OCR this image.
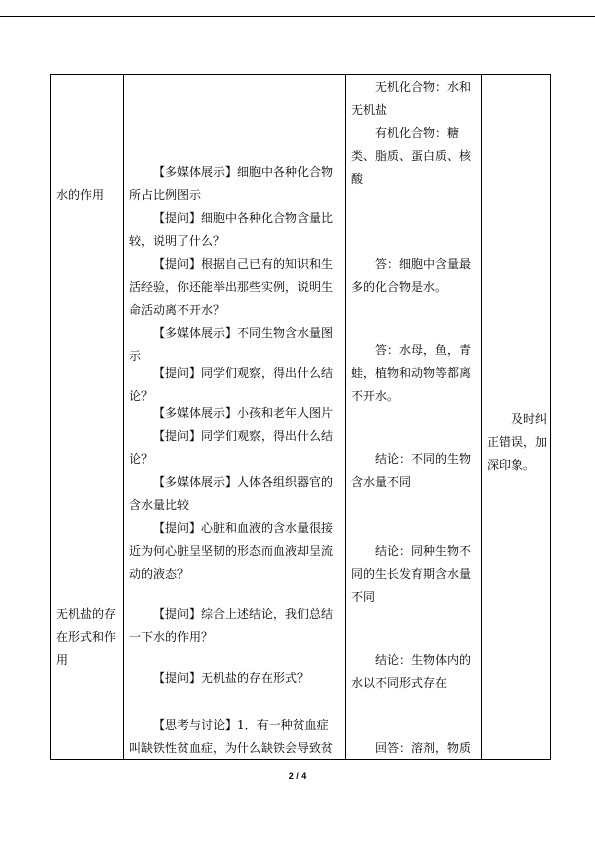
水的作用

无机盐的存在形式和作用

【多媒体展示】细胞中各种化合物所占比例图示

【提问】细胞中各种化合物含量比较，说明了什么？

【提问】根据自己已有的知识和生活经验，你还能举出那些实例，说明生命活动离不开水？

【多媒体展示】不同生物含水量图示

【提问】同学们观察，得出什么结论？

【多媒体展示】小孩和老年人图片

【提问】同学们观察，得出什么结论？

【多媒体展示】人体各组织器官的含水量比较

【提问】心脏和血液的含水量很接近为何心脏呈坚韧的形态而血液却呈流动的液态？

【提问】综合上述结论，我们总结一下水的作用？

【提问】无机盐的存在形式？

【思考与讨论】1．有一种贫血症叫缺铁性贫血症，为什么缺铁会导致贫

无机化合物：水和无机盐

有机化合物：糖类、脂质、蛋白质、核酸

答：细胞中含量最多的化合物是水。

答：水母，鱼，青蛙，植物和动物等都离不开水。

结论：不同的生物含水量不同

结论：同种生物不同的生长发育期含水量不同

结论：生物体内的水以不同形式存在

回答：溶剂，物质

及时纠正错误，加深印象。

2 / 4
